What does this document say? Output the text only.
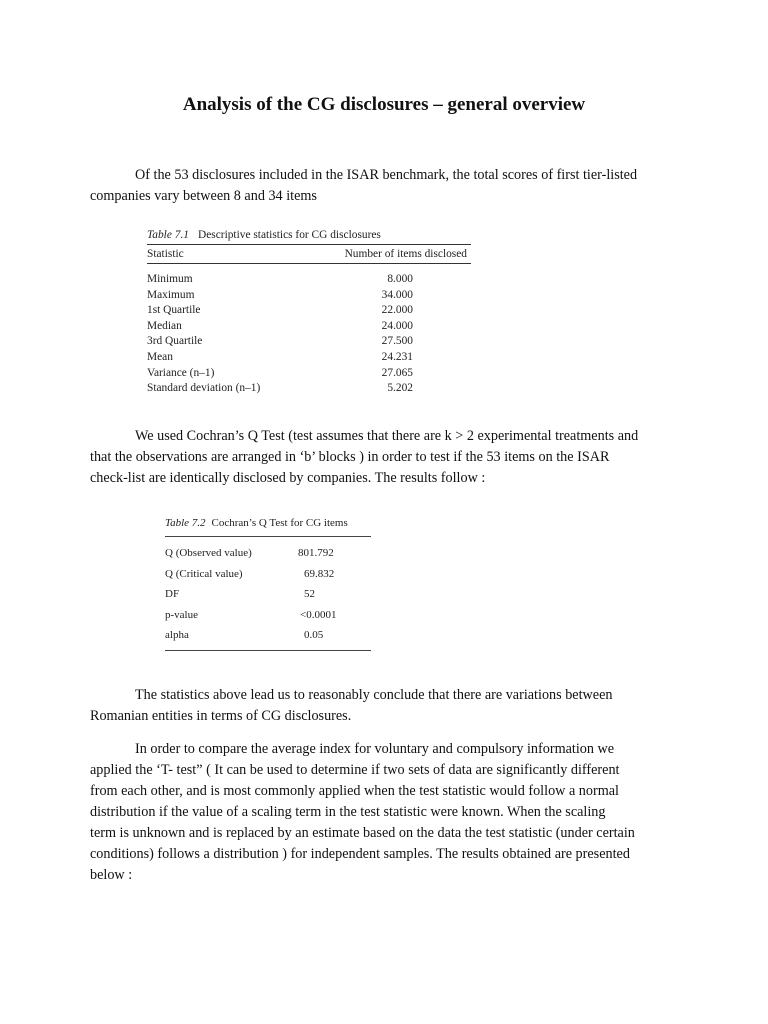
Analysis of the CG disclosures – general overview
Of the 53 disclosures included in the ISAR benchmark, the total scores of first tier-listed
companies vary between 8 and 34 items
Table 7.1 Descriptive statistics for CG disclosures
Statistic	Number of items disclosed
Minimum	8.000
Maximum	34.000
1st Quartile	22.000
Median	24.000
3rd Quartile	27.500
Mean	24.231
Variance (n–1)	27.065
Standard deviation (n–1)	5.202
We used Cochran’s Q Test (test assumes that there are k > 2 experimental treatments and
that the observations are arranged in ‘b’ blocks ) in order to test if the 53 items on the ISAR
check-list are identically disclosed by companies. The results follow :
Table 7.2 Cochran’s Q Test for CG items
Q (Observed value)	801.792
Q (Critical value)	69.832
DF	52
p-value	<0.0001
alpha	0.05
The statistics above lead us to reasonably conclude that there are variations between
Romanian entities in terms of CG disclosures.
In order to compare the average index for voluntary and compulsory information we
applied the ‘T- test” ( It can be used to determine if two sets of data are significantly different
from each other, and is most commonly applied when the test statistic would follow a normal
distribution if the value of a scaling term in the test statistic were known. When the scaling
term is unknown and is replaced by an estimate based on the data the test statistic (under certain
conditions) follows a distribution ) for independent samples. The results obtained are presented
below :
